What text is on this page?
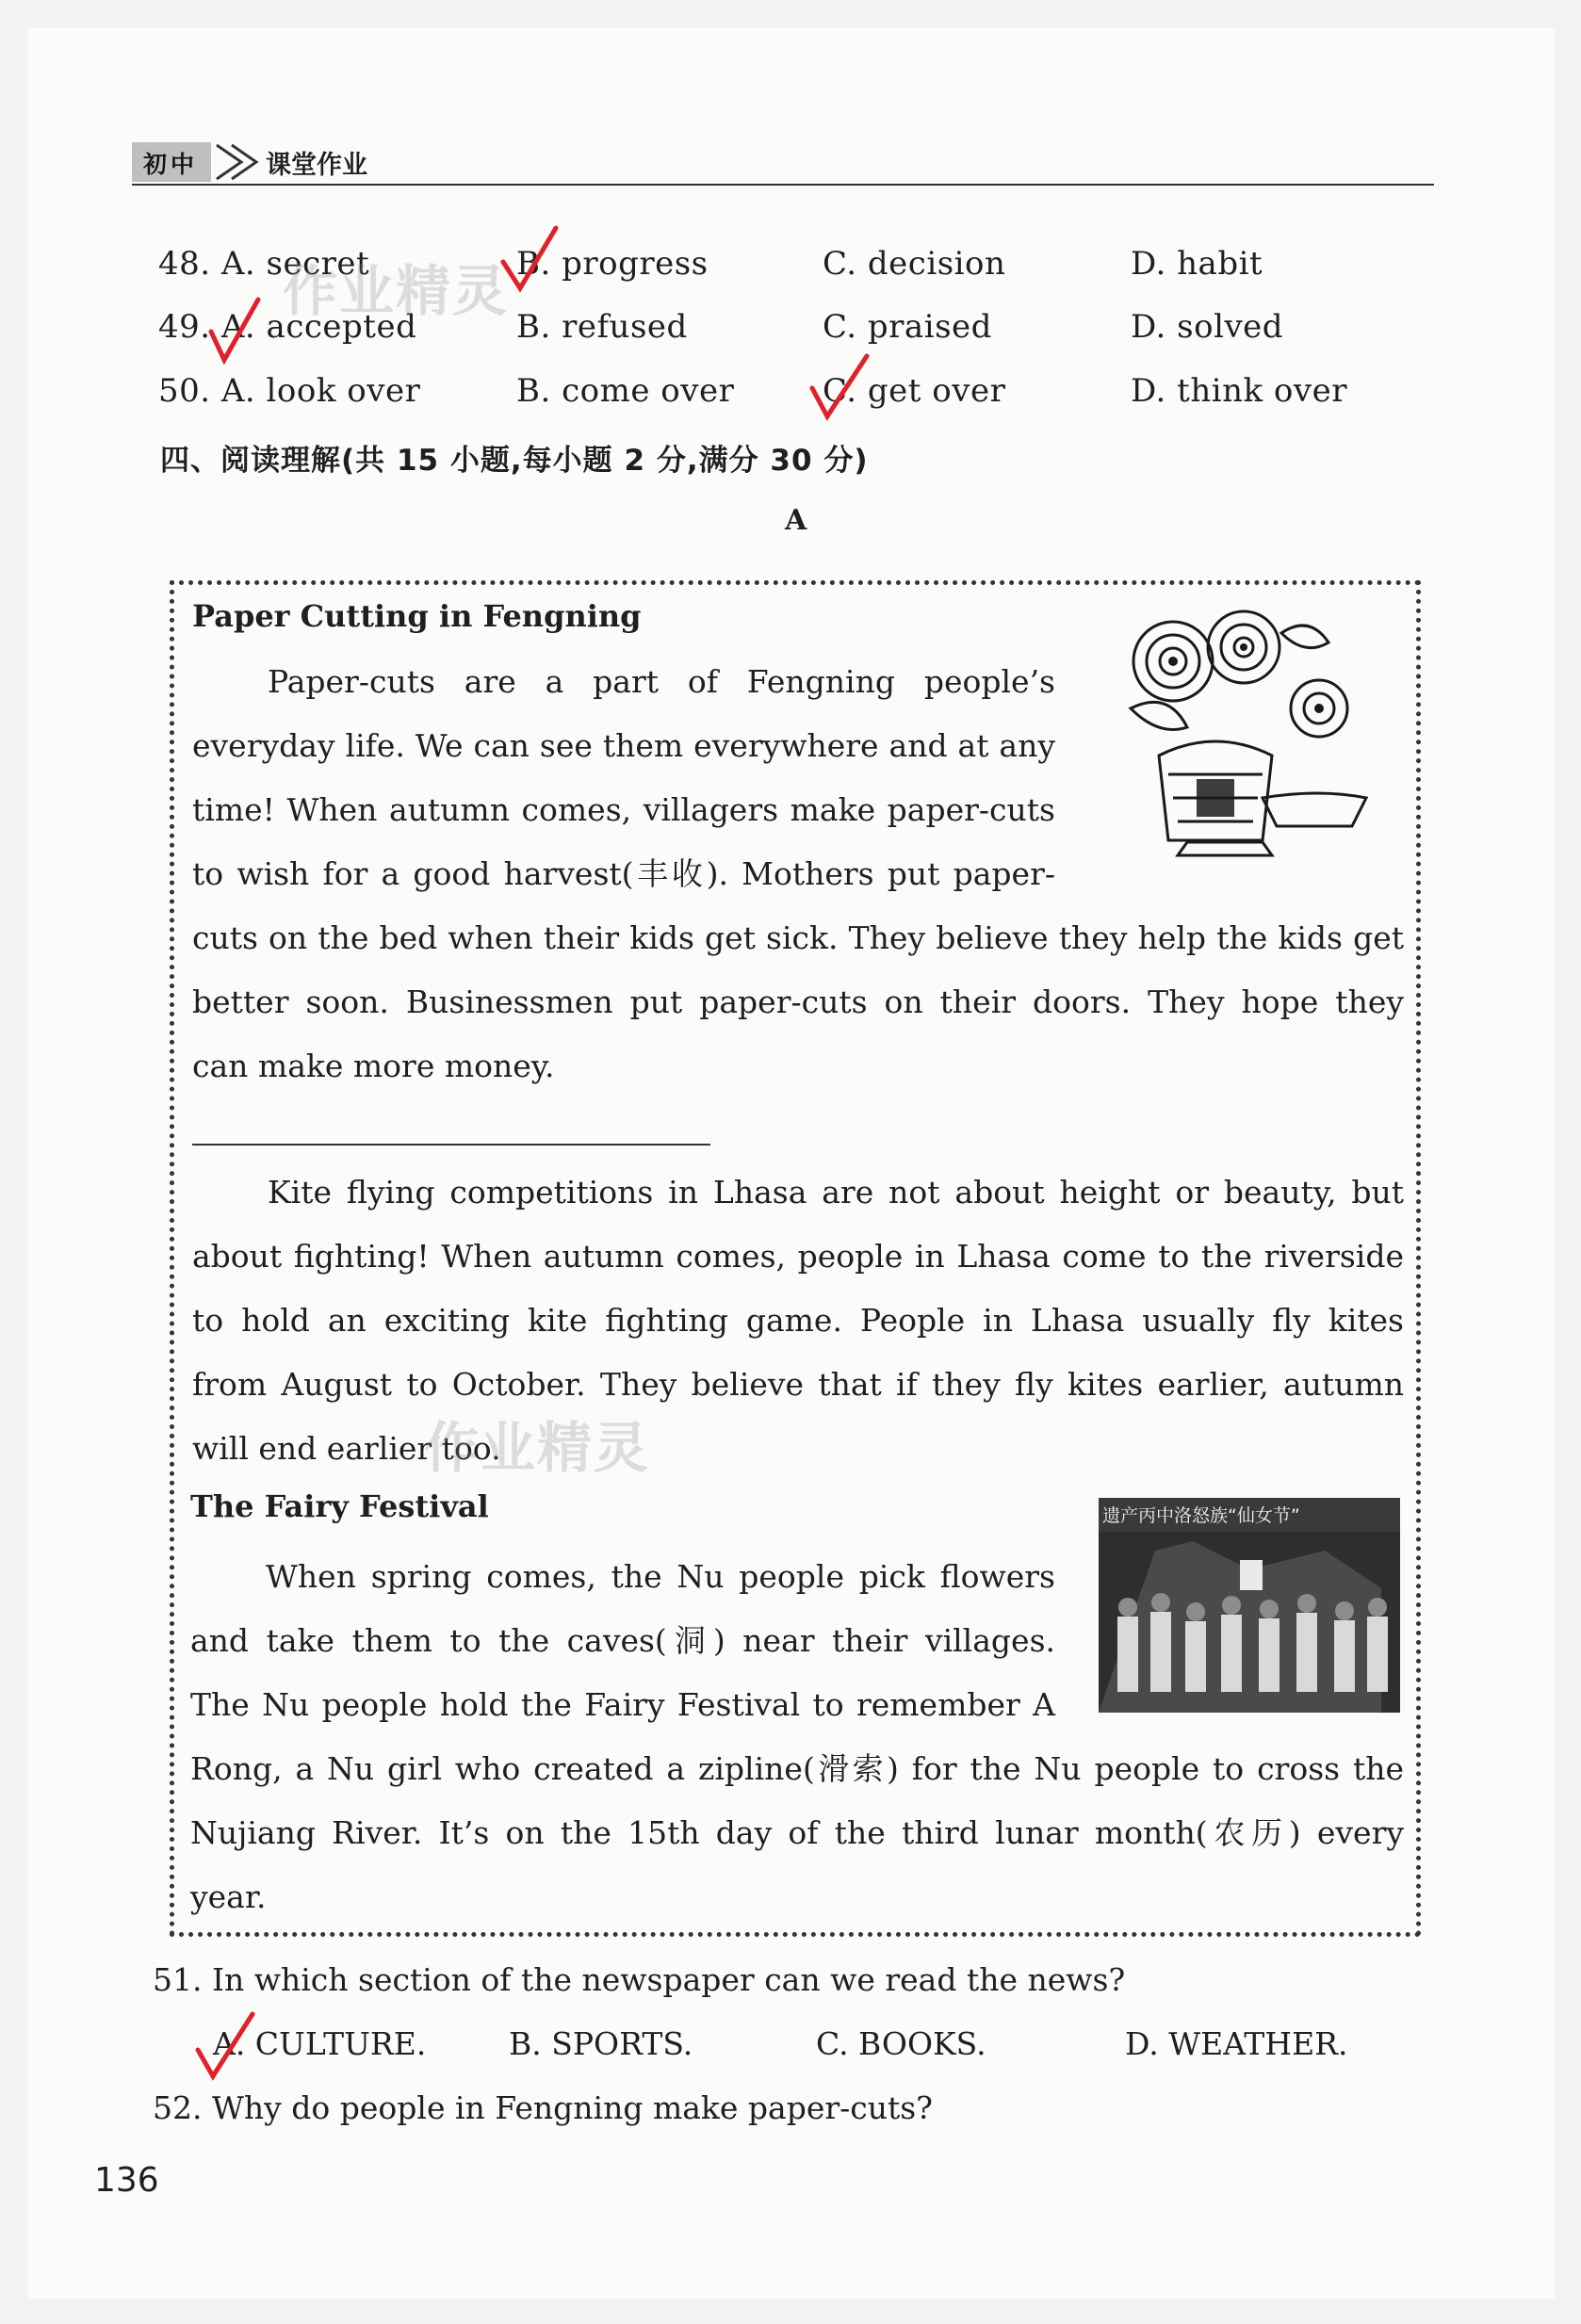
初中	课堂作业
48. A. secret	B. progress	C. decision	D. habit
49. A. accepted	B. refused	C. praised	D. solved
50. A. look over	B. come over	C. get over	D. think over
四、阅读理解(共 15 小题,每小题 2 分,满分 30 分)
A
Paper Cutting in Fengning
Paper-cuts are a part of Fengning people’s
everyday life. We can see them everywhere and at any
time! When autumn comes, villagers make paper-cuts
to wish for a good harvest(丰收). Mothers put paper-
cuts on the bed when their kids get sick. They believe they help the kids get
better soon. Businessmen put paper-cuts on their doors. They hope they
can make more money.
Kite flying competitions in Lhasa are not about height or beauty, but
about fighting! When autumn comes, people in Lhasa come to the riverside
to hold an exciting kite fighting game. People in Lhasa usually fly kites
from August to October. They believe that if they fly kites earlier, autumn
will end earlier too.
The Fairy Festival
When spring comes, the Nu people pick flowers
and take them to the caves(洞) near their villages.
The Nu people hold the Fairy Festival to remember A
Rong, a Nu girl who created a zipline(滑索) for the Nu people to cross the
Nujiang River. It’s on the 15th day of the third lunar month(农历) every
year.
遗产丙中洛怒族“仙女节”
51. In which section of the newspaper can we read the news?
A. CULTURE.	B. SPORTS.	C. BOOKS.	D. WEATHER.
52. Why do people in Fengning make paper-cuts?
136
作业精灵
作业精灵
